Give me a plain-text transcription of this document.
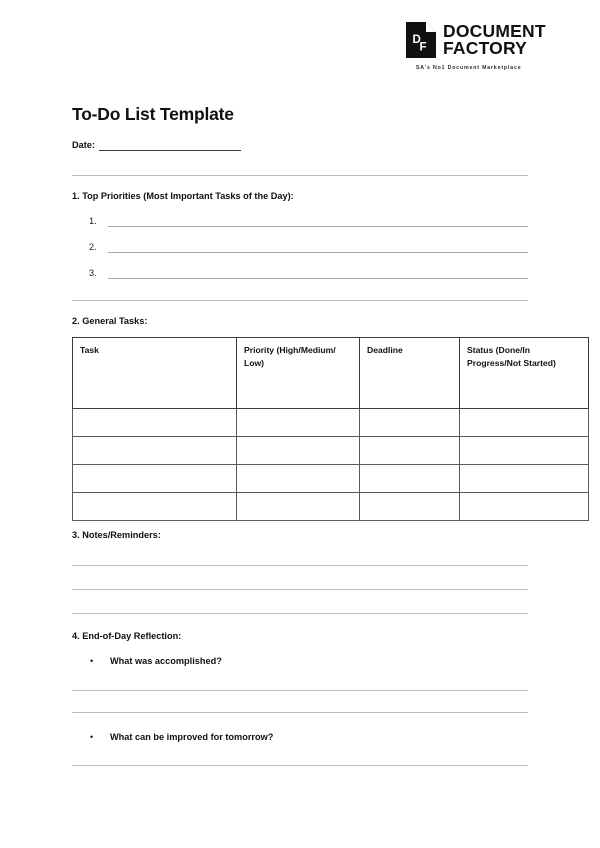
D
F
DOCUMENT
FACTORY
SA's No1 Document Marketplace
To-Do List Template
Date:
1. Top Priorities (Most Important Tasks of the Day):
1.
2.
3.
2. General Tasks:
Task	Priority (High/Medium/ Low)	Deadline	Status (Done/In Progress/Not Started)

3. Notes/Reminders:
4. End-of-Day Reflection:
•	What was accomplished?
•	What can be improved for tomorrow?
